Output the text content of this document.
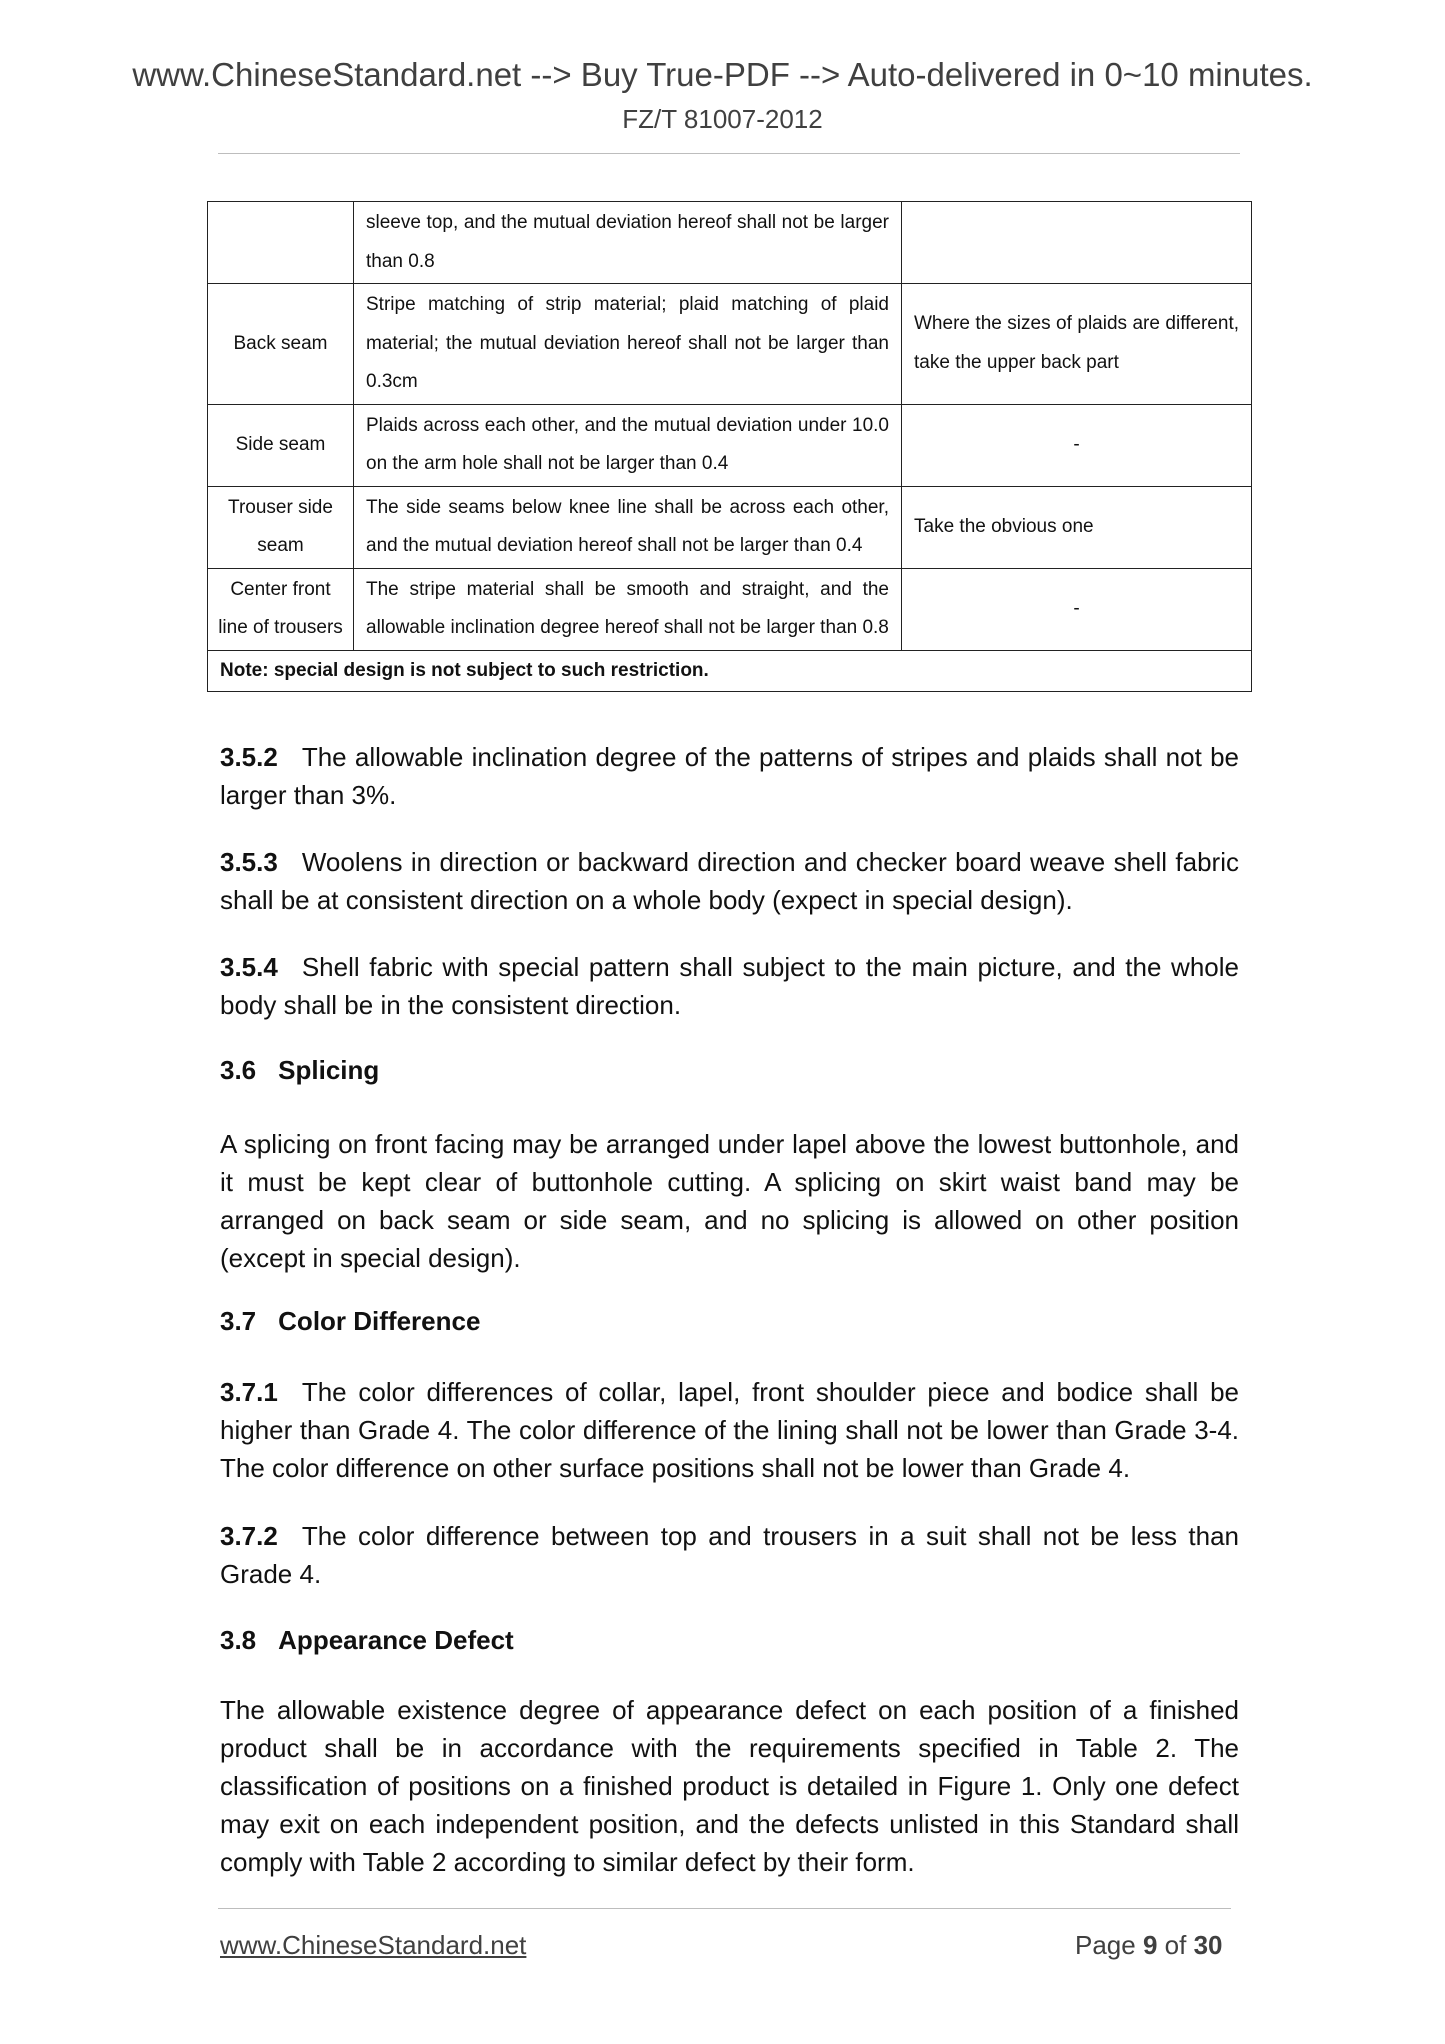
www.ChineseStandard.net --> Buy True-PDF --> Auto-delivered in 0~10 minutes.
FZ/T 81007-2012
	sleeve top, and the mutual deviation hereof shall not be larger than 0.8	
Back seam	Stripe matching of strip material; plaid matching of plaid material; the mutual deviation hereof shall not be larger than 0.3cm	Where the sizes of plaids are different, take the upper back part
Side seam	Plaids across each other, and the mutual deviation under 10.0 on the arm hole shall not be larger than 0.4	-
Trouser side seam	The side seams below knee line shall be across each other, and the mutual deviation hereof shall not be larger than 0.4	Take the obvious one
Center front line of trousers	The stripe material shall be smooth and straight, and the allowable inclination degree hereof shall not be larger than 0.8	-
Note: special design is not subject to such restriction.		
3.5.2 The allowable inclination degree of the patterns of stripes and plaids shall not be larger than 3%.
3.5.3 Woolens in direction or backward direction and checker board weave shell fabric shall be at consistent direction on a whole body (expect in special design).
3.5.4 Shell fabric with special pattern shall subject to the main picture, and the whole body shall be in the consistent direction.
3.6 Splicing
A splicing on front facing may be arranged under lapel above the lowest buttonhole, and it must be kept clear of buttonhole cutting. A splicing on skirt waist band may be arranged on back seam or side seam, and no splicing is allowed on other position (except in special design).
3.7 Color Difference
3.7.1 The color differences of collar, lapel, front shoulder piece and bodice shall be higher than Grade 4. The color difference of the lining shall not be lower than Grade 3-4. The color difference on other surface positions shall not be lower than Grade 4.
3.7.2 The color difference between top and trousers in a suit shall not be less than Grade 4.
3.8 Appearance Defect
The allowable existence degree of appearance defect on each position of a finished product shall be in accordance with the requirements specified in Table 2. The classification of positions on a finished product is detailed in Figure 1. Only one defect may exit on each independent position, and the defects unlisted in this Standard shall comply with Table 2 according to similar defect by their form.
www.ChineseStandard.net	Page 9 of 30
